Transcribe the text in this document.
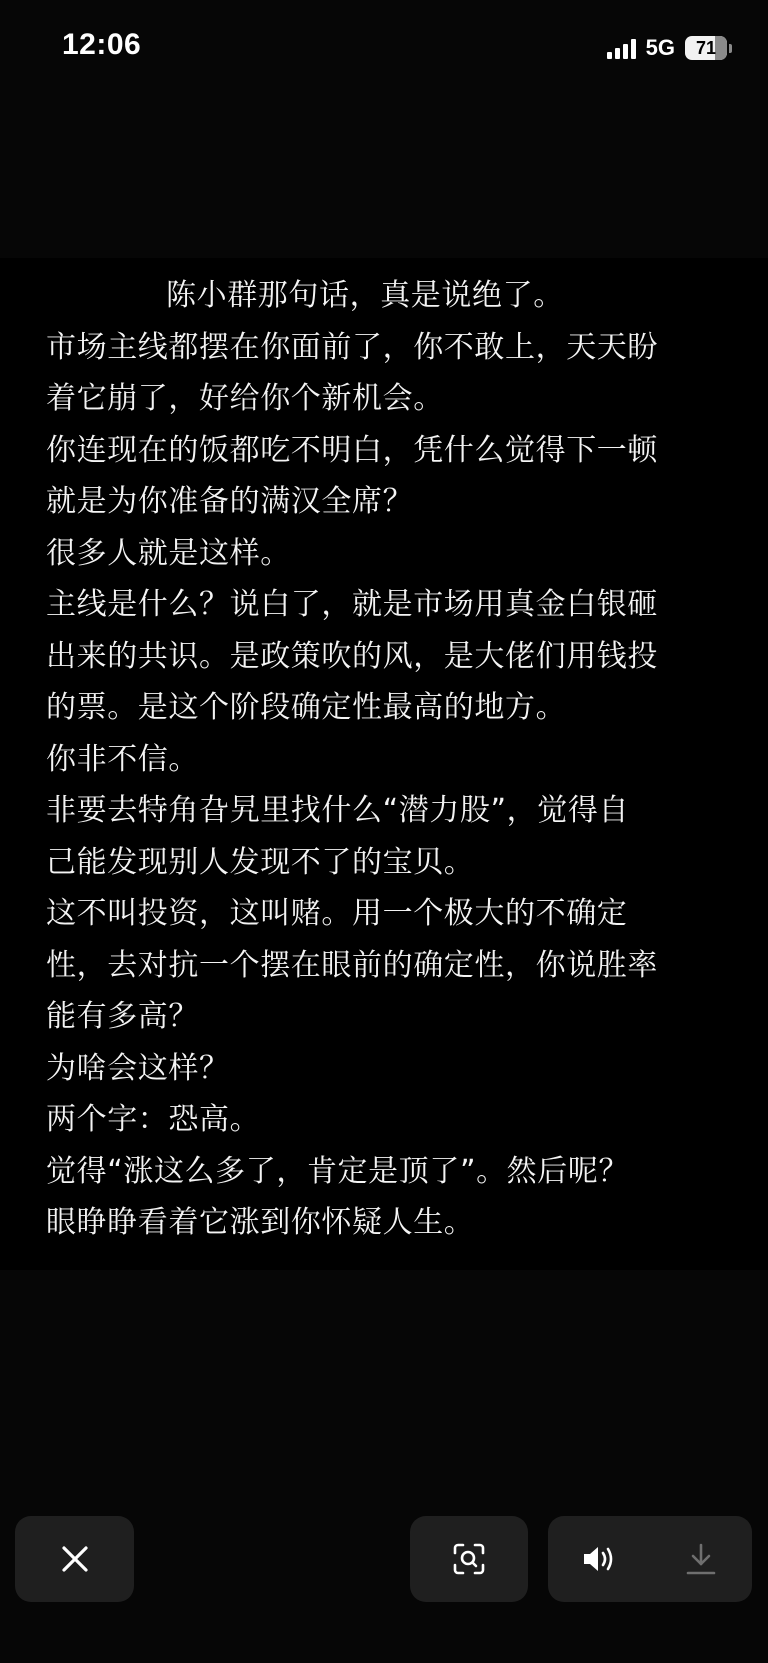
12:06	5G 71
陈小群那句话，真是说绝了。
市场主线都摆在你面前了，你不敢上，天天盼
着它崩了，好给你个新机会。
你连现在的饭都吃不明白，凭什么觉得下一顿
就是为你准备的满汉全席？
很多人就是这样。
主线是什么？说白了，就是市场用真金白银砸
出来的共识。是政策吹的风，是大佬们用钱投
的票。是这个阶段确定性最高的地方。
你非不信。
非要去特角旮旯里找什么“潜力股”，觉得自
己能发现别人发现不了的宝贝。
这不叫投资，这叫赌。用一个极大的不确定
性，去对抗一个摆在眼前的确定性，你说胜率
能有多高？
为啥会这样？
两个字：恐高。
觉得“涨这么多了，肯定是顶了”。然后呢？
眼睁睁看着它涨到你怀疑人生。
